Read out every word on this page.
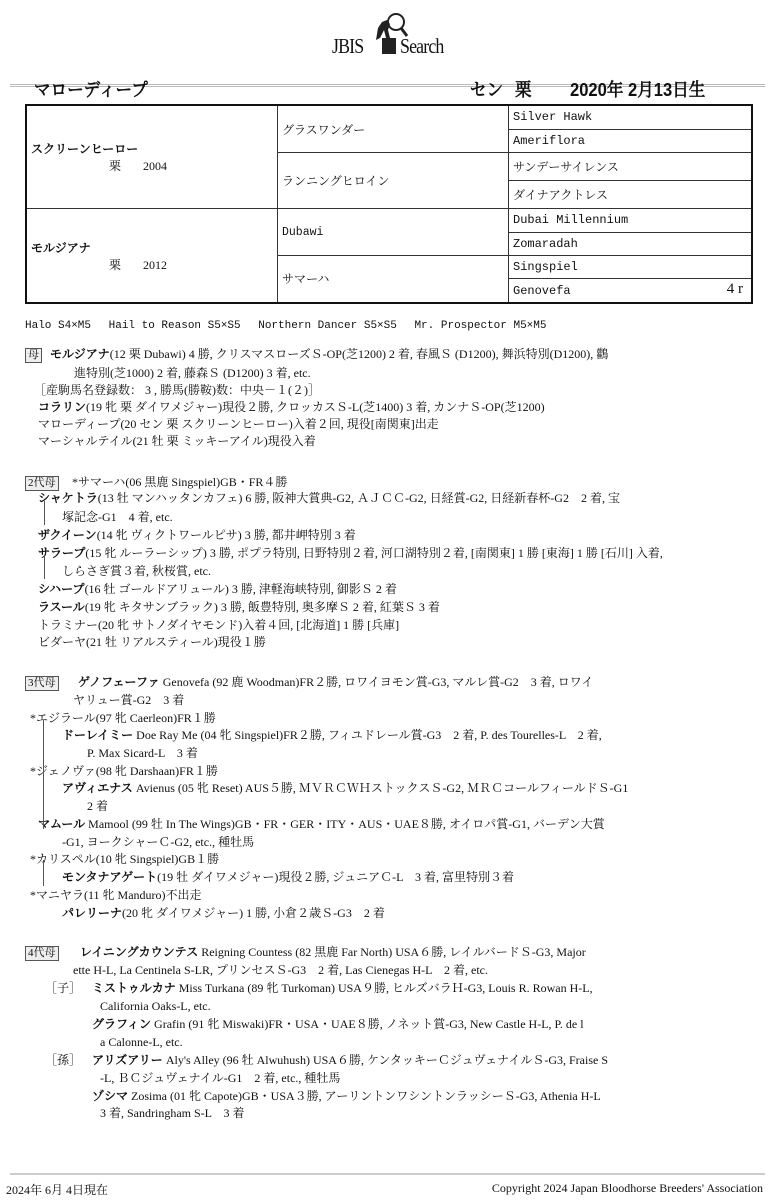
JBIS Search
マローディープ	セン 栗 2020年 2月13日生
スクリーンヒーロー
栗 2004	グラスワンダー	Silver Hawk
		Ameriflora
	ランニングヒロイン	サンデーサイレンス
		ダイナアクトレス

モルジアナ
栗 2012	Dubawi	Dubai Millennium
		Zomaradah
	サマーハ	Singspiel
		Genovefa 4 r
Halo S4×M5　 Hail to Reason S5×S5　 Northern Dancer S5×S5　 Mr. Prospector M5×M5
母 モルジアナ(12 栗 Dubawi) 4 勝, クリスマスローズＳ-OP(芝1200) 2 着, 春風Ｓ (D1200), 舞浜特別(D1200), 鸛
進特別(芝1000) 2 着, 藤森Ｓ (D1200) 3 着, etc.
［産駒馬名登録数： 3 , 勝馬(勝鞍)数：中央－１(２)］
コラリン(19 牝 栗 ダイワメジャー)現役２勝, クロッカスＳ-L(芝1400) 3 着, カンナＳ-OP(芝1200)
マローディープ(20 セン 栗 スクリーンヒーロー)入着２回, 現役[南関東]出走
マーシャルテイル(21 牡 栗 ミッキーアイル)現役入着
2代母	*サマーハ(06 黒鹿 Singspiel)GB・FR４勝
シャケトラ(13 牡 マンハッタンカフェ) 6 勝, 阪神大賞典-G2, ＡＪＣＣ-G2, 日経賞-G2, 日経新春杯-G2　2 着, 宝
塚記念-G1　4 着, etc.
ザクイーン(14 牝 ヴィクトワールピサ) 3 勝, 都井岬特別 3 着
サラープ(15 牝 ルーラーシップ) 3 勝, ポプラ特別, 日野特別２着, 河口湖特別２着, [南関東] 1 勝 [東海] 1 勝 [石川] 入着,
しらさぎ賞３着, 秋桜賞, etc.
シハープ(16 牡 ゴールドアリュール) 3 勝, 津軽海峡特別, 御影Ｓ 2 着
ラスール(19 牝 キタサンブラック) 3 勝, 飯豊特別, 奥多摩Ｓ 2 着, 紅葉Ｓ 3 着
トラミナー(20 牝 サトノダイヤモンド)入着４回, [北海道] 1 勝 [兵庫]
ビダーヤ(21 牡 リアルスティール)現役１勝
3代母	ゲノフェーファ Genovefa (92 鹿 Woodman)FR２勝, ロワイヨモン賞-G3, マルレ賞-G2　3 着, ロワイ
ヤリュー賞-G2　3 着
*エジラール(97 牝 Caerleon)FR１勝
ドーレイミー Doe Ray Me (04 牝 Singspiel)FR２勝, フィユドレール賞-G3　2 着, P. des Tourelles-L　2 着,
P. Max Sicard-L　3 着
*ジェノヴァ(98 牝 Darshaan)FR１勝
アヴィエナス Avienus (05 牝 Reset) AUS５勝, ＭＶＲＣＷＨストックスＳ-G2, ＭＲＣコールフィールドＳ-G1
2 着
マムール Mamool (99 牡 In The Wings)GB・FR・GER・ITY・AUS・UAE８勝, オイロパ賞-G1, バーデン大賞
-G1, ヨークシャーＣ-G2, etc., 種牡馬
*カリスペル(10 牝 Singspiel)GB１勝
モンタナアゲート(19 牡 ダイワメジャー)現役２勝, ジュニアＣ-L　3 着, 富里特別３着
*マニヤラ(11 牝 Manduro)不出走
パレリーナ(20 牝 ダイワメジャー) 1 勝, 小倉２歳Ｓ-G3　2 着
4代母	レイニングカウンテス Reigning Countess (82 黒鹿 Far North) USA６勝, レイルバードＳ-G3, Major
ette H-L, La Centinela S-LR, プリンセスＳ-G3　2 着, Las Cienegas H-L　2 着, etc.
ミストゥルカナ Miss Turkana (89 牝 Turkoman) USA９勝, ヒルズバラＨ-G3, Louis R. Rowan H-L,
California Oaks-L, etc.
グラフィン Grafin (91 牝 Miswaki)FR・USA・UAE８勝, ノネット賞-G3, New Castle H-L, P. de l
a Calonne-L, etc.
アリズアリー Aly's Alley (96 牡 Alwuhush) USA６勝, ケンタッキーＣジュヴェナイルＳ-G3, Fraise S
-L, ＢＣジュヴェナイル-G1　2 着, etc., 種牡馬
ゾシマ Zosima (01 牝 Capote)GB・USA３勝, アーリントンワシントンラッシーＳ-G3, Athenia H-L
3 着, Sandringham S-L　3 着
［子］
［孫］
2024年 6月 4日現在	Copyright 2024 Japan Bloodhorse Breeders' Association
